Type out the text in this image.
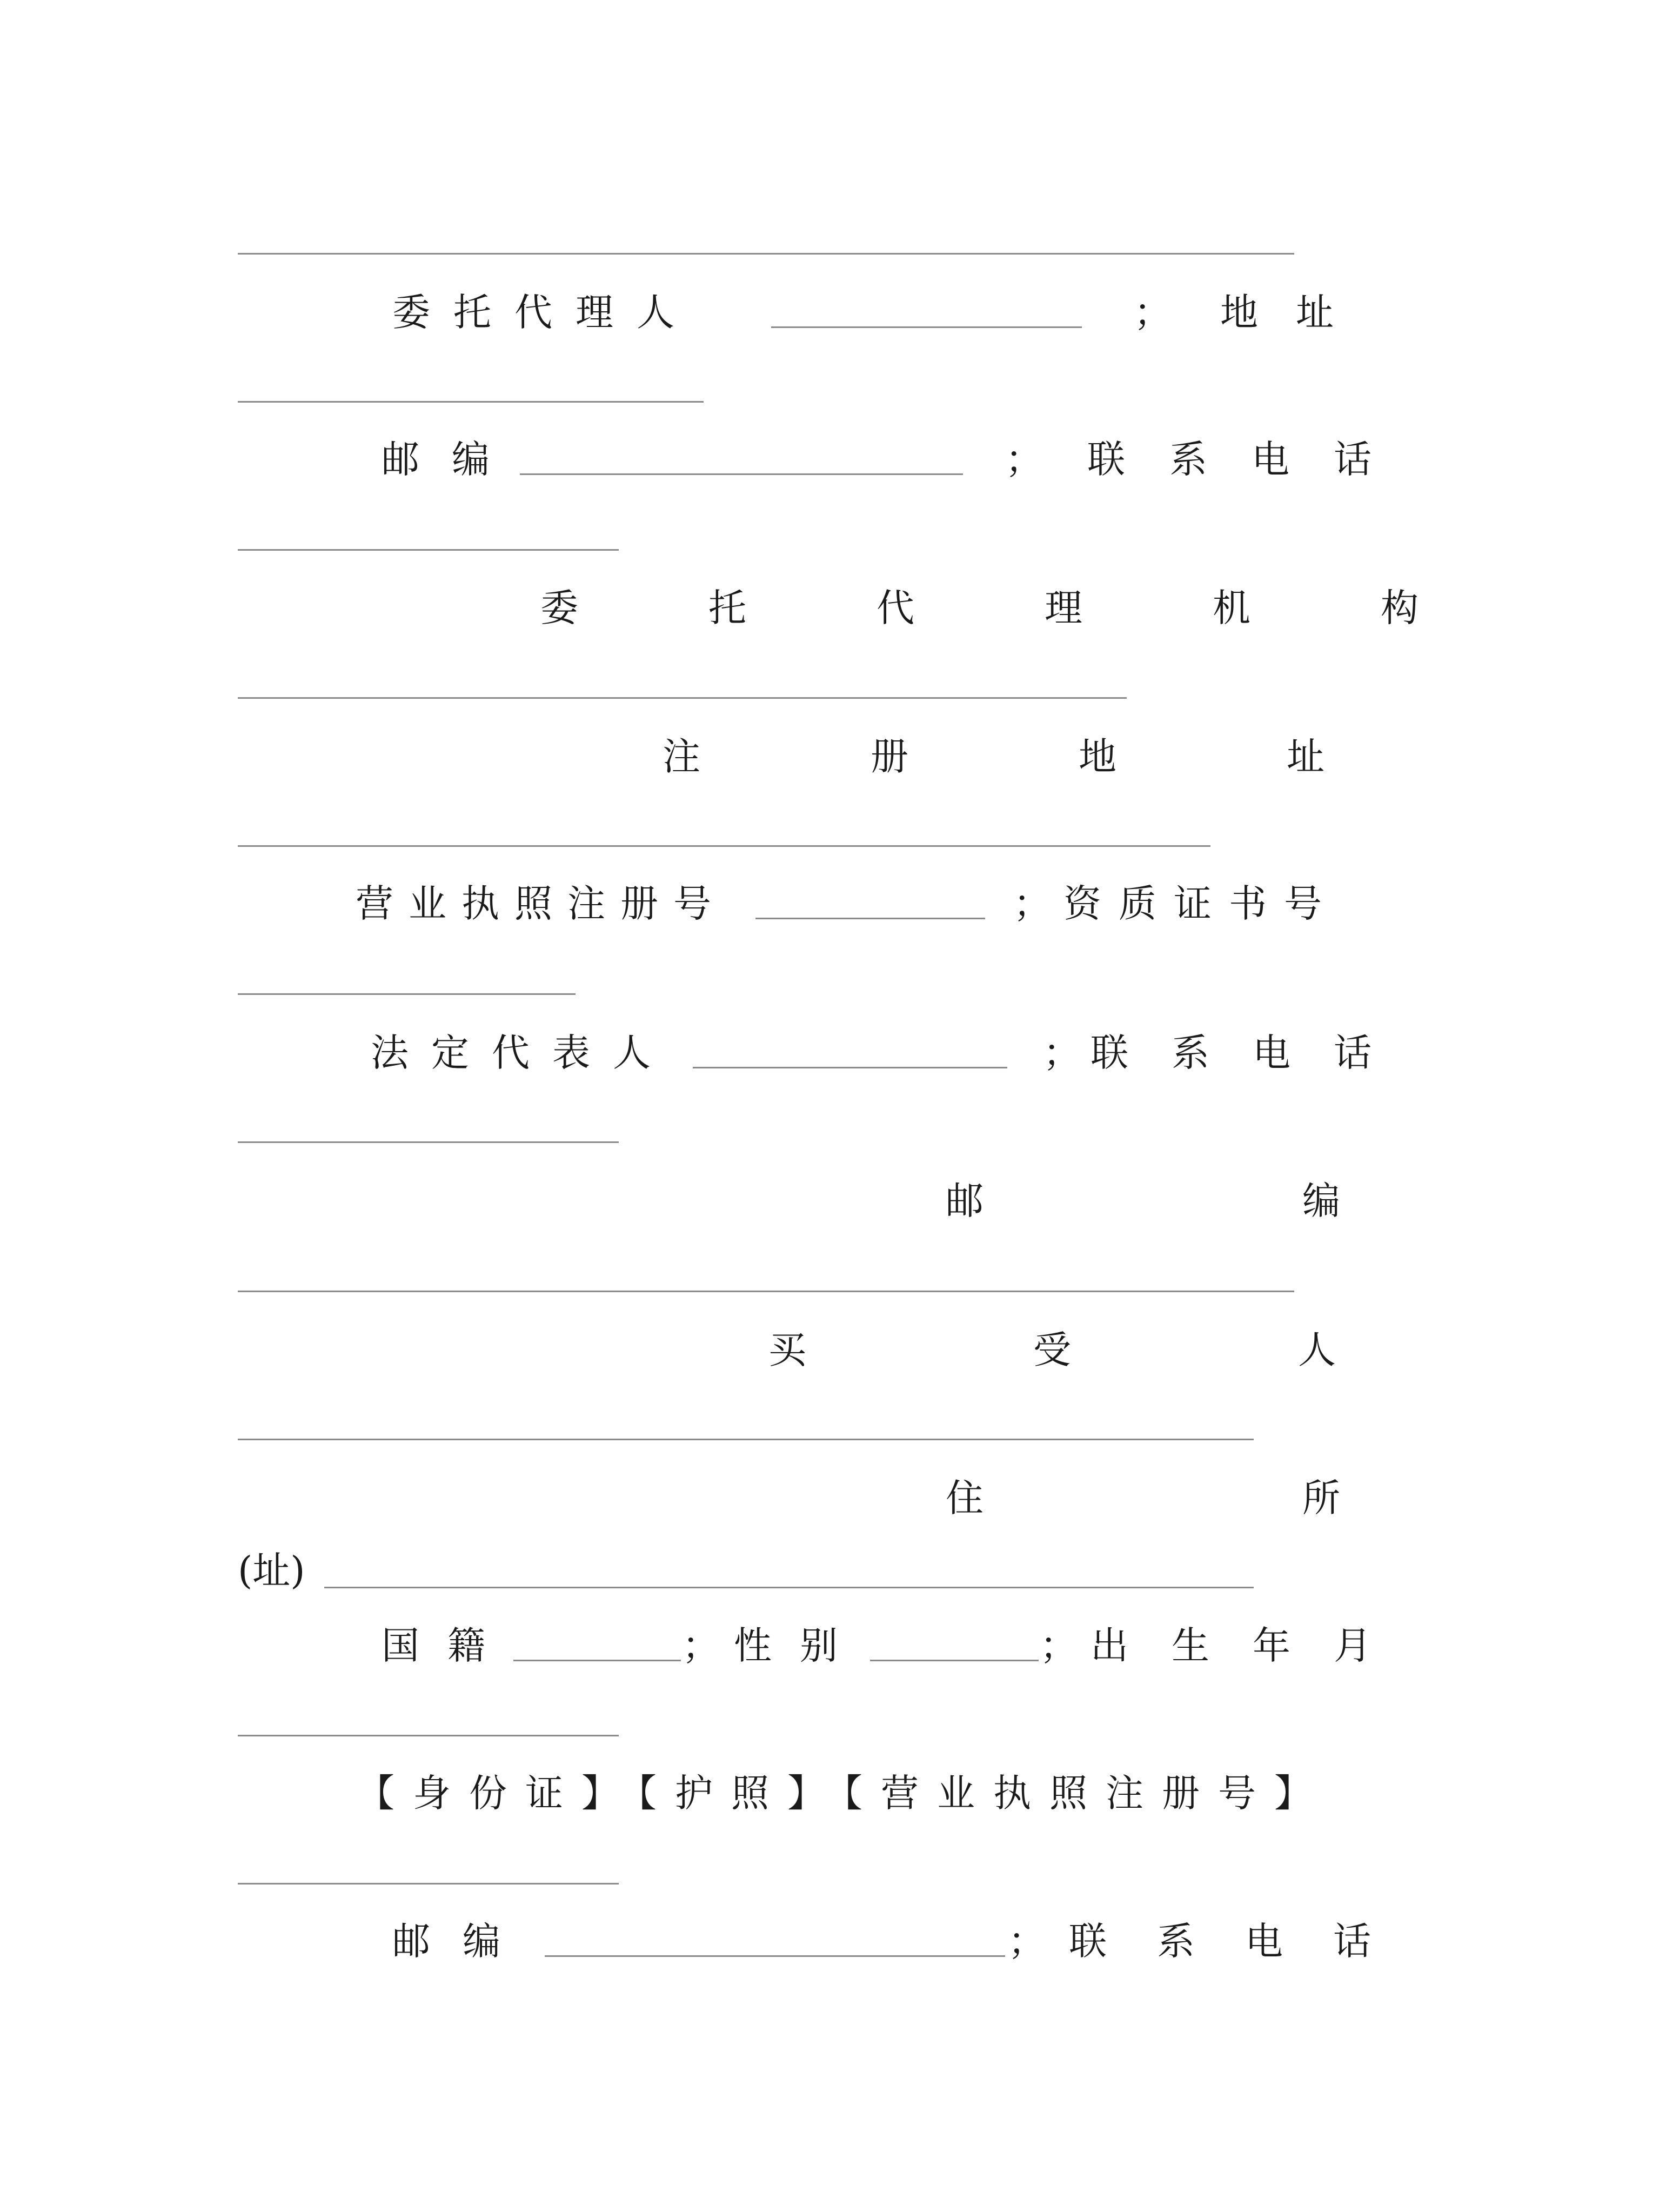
委托代理人	； 地址
邮编	； 联系电话
委托代理机构
注册地址
营业执照注册号	； 资质证书号
法定代表人	； 联系电话
邮编
买受人
住所
(址)
国籍	； 性别	； 出生年月
【身份证】【护照】【营业执照注册号】
邮编	； 联系电话
